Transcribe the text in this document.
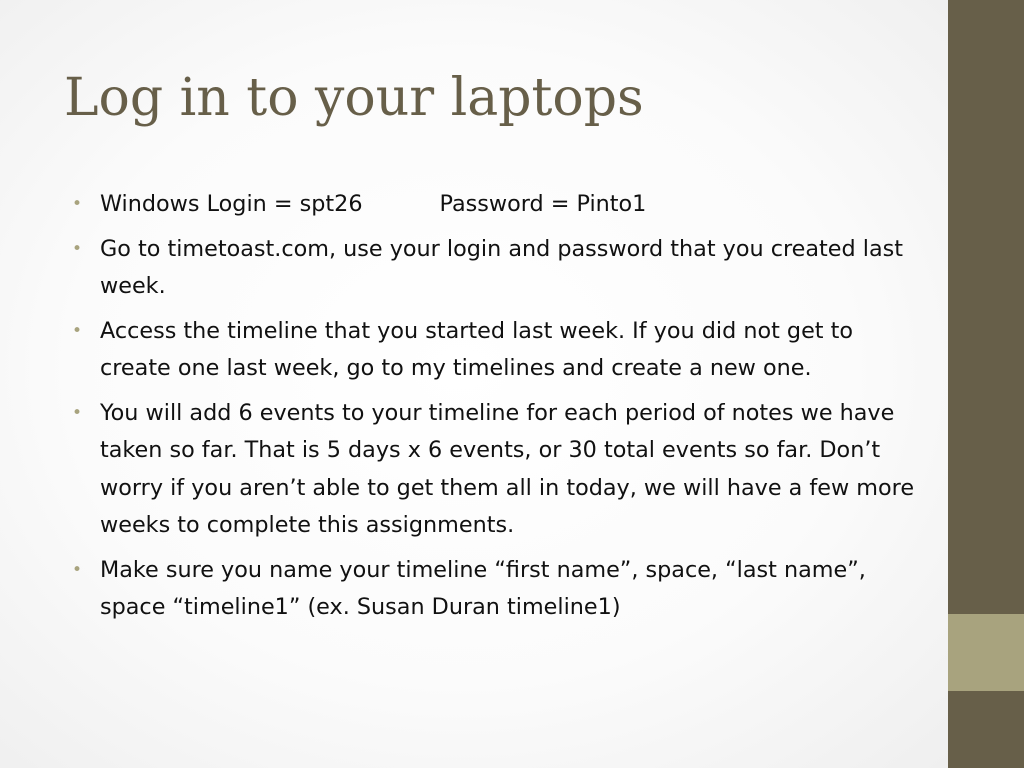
Log in to your laptops
• Windows Login = spt26	Password = Pinto1
• Go to timetoast.com, use your login and password that you created last week.
• Access the timeline that you started last week. If you did not get to create one last week, go to my timelines and create a new one.
• You will add 6 events to your timeline for each period of notes we have taken so far. That is 5 days x 6 events, or 30 total events so far. Don’t worry if you aren’t able to get them all in today, we will have a few more weeks to complete this assignments.
• Make sure you name your timeline “first name”, space, “last name”, space “timeline1” (ex. Susan Duran timeline1)
